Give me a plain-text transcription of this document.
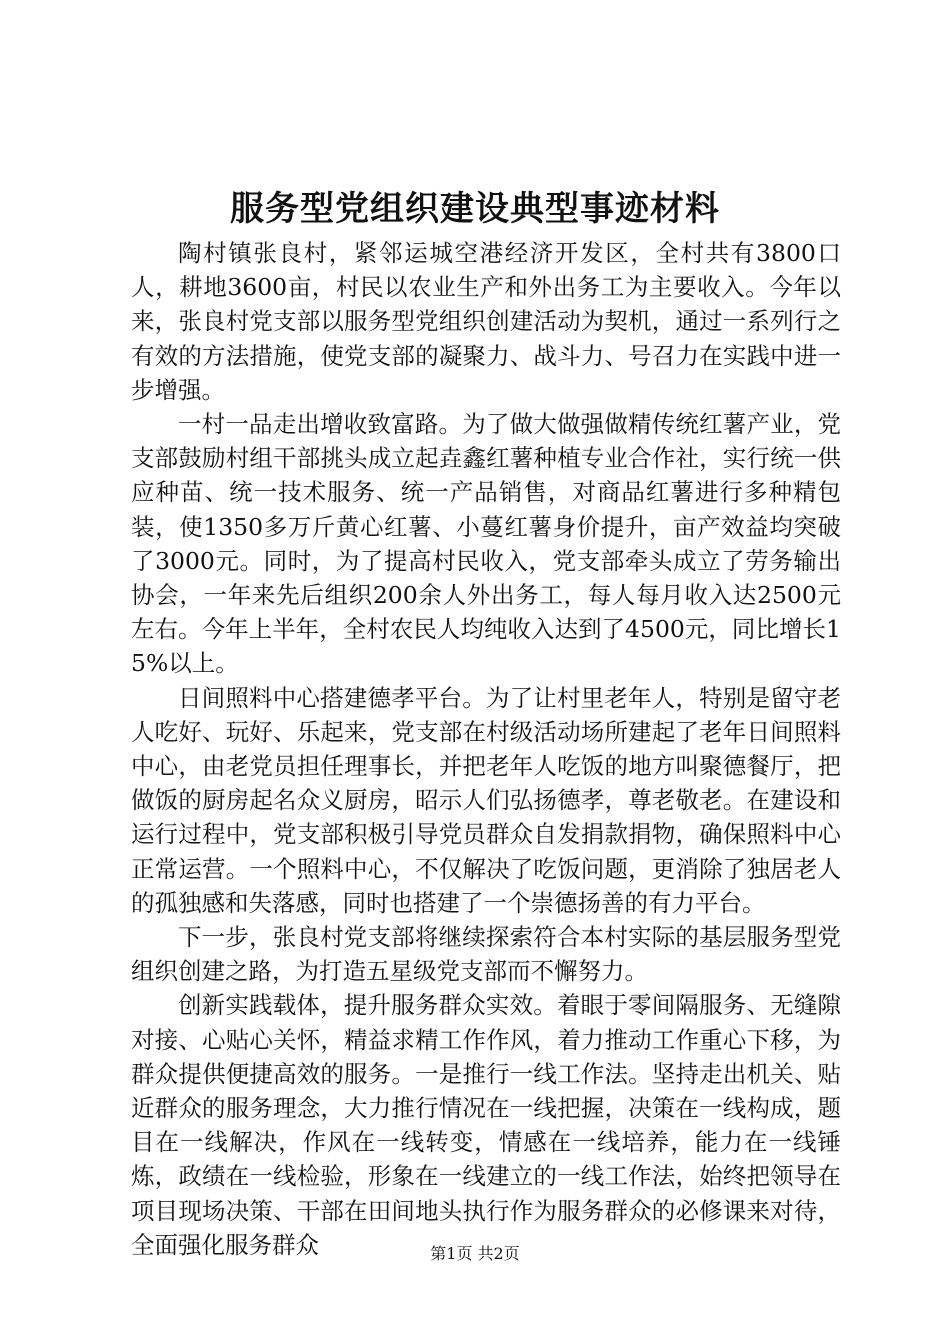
服务型党组织建设典型事迹材料

陶村镇张良村，紧邻运城空港经济开发区，全村共有3800口人，耕地3600亩，村民以农业生产和外出务工为主要收入。今年以来，张良村党支部以服务型党组织创建活动为契机，通过一系列行之有效的方法措施，使党支部的凝聚力、战斗力、号召力在实践中进一步增强。

一村一品走出增收致富路。为了做大做强做精传统红薯产业，党支部鼓励村组干部挑头成立起垚鑫红薯种植专业合作社，实行统一供应种苗、统一技术服务、统一产品销售，对商品红薯进行多种精包装，使1350多万斤黄心红薯、小蔓红薯身价提升，亩产效益均突破了3000元。同时，为了提高村民收入，党支部牵头成立了劳务输出协会，一年来先后组织200余人外出务工，每人每月收入达2500元左右。今年上半年，全村农民人均纯收入达到了4500元，同比增长15%以上。

日间照料中心搭建德孝平台。为了让村里老年人，特别是留守老人吃好、玩好、乐起来，党支部在村级活动场所建起了老年日间照料中心，由老党员担任理事长，并把老年人吃饭的地方叫聚德餐厅，把做饭的厨房起名众义厨房，昭示人们弘扬德孝，尊老敬老。在建设和运行过程中，党支部积极引导党员群众自发捐款捐物，确保照料中心正常运营。一个照料中心，不仅解决了吃饭问题，更消除了独居老人的孤独感和失落感，同时也搭建了一个崇德扬善的有力平台。

下一步，张良村党支部将继续探索符合本村实际的基层服务型党组织创建之路，为打造五星级党支部而不懈努力。

创新实践载体，提升服务群众实效。着眼于零间隔服务、无缝隙对接、心贴心关怀，精益求精工作作风，着力推动工作重心下移，为群众提供便捷高效的服务。一是推行一线工作法。坚持走出机关、贴近群众的服务理念，大力推行情况在一线把握，决策在一线构成，题目在一线解决，作风在一线转变，情感在一线培养，能力在一线锤炼，政绩在一线检验，形象在一线建立的一线工作法，始终把领导在项目现场决策、干部在田间地头执行作为服务群众的必修课来对待，全面强化服务群众	第1页 共2页
